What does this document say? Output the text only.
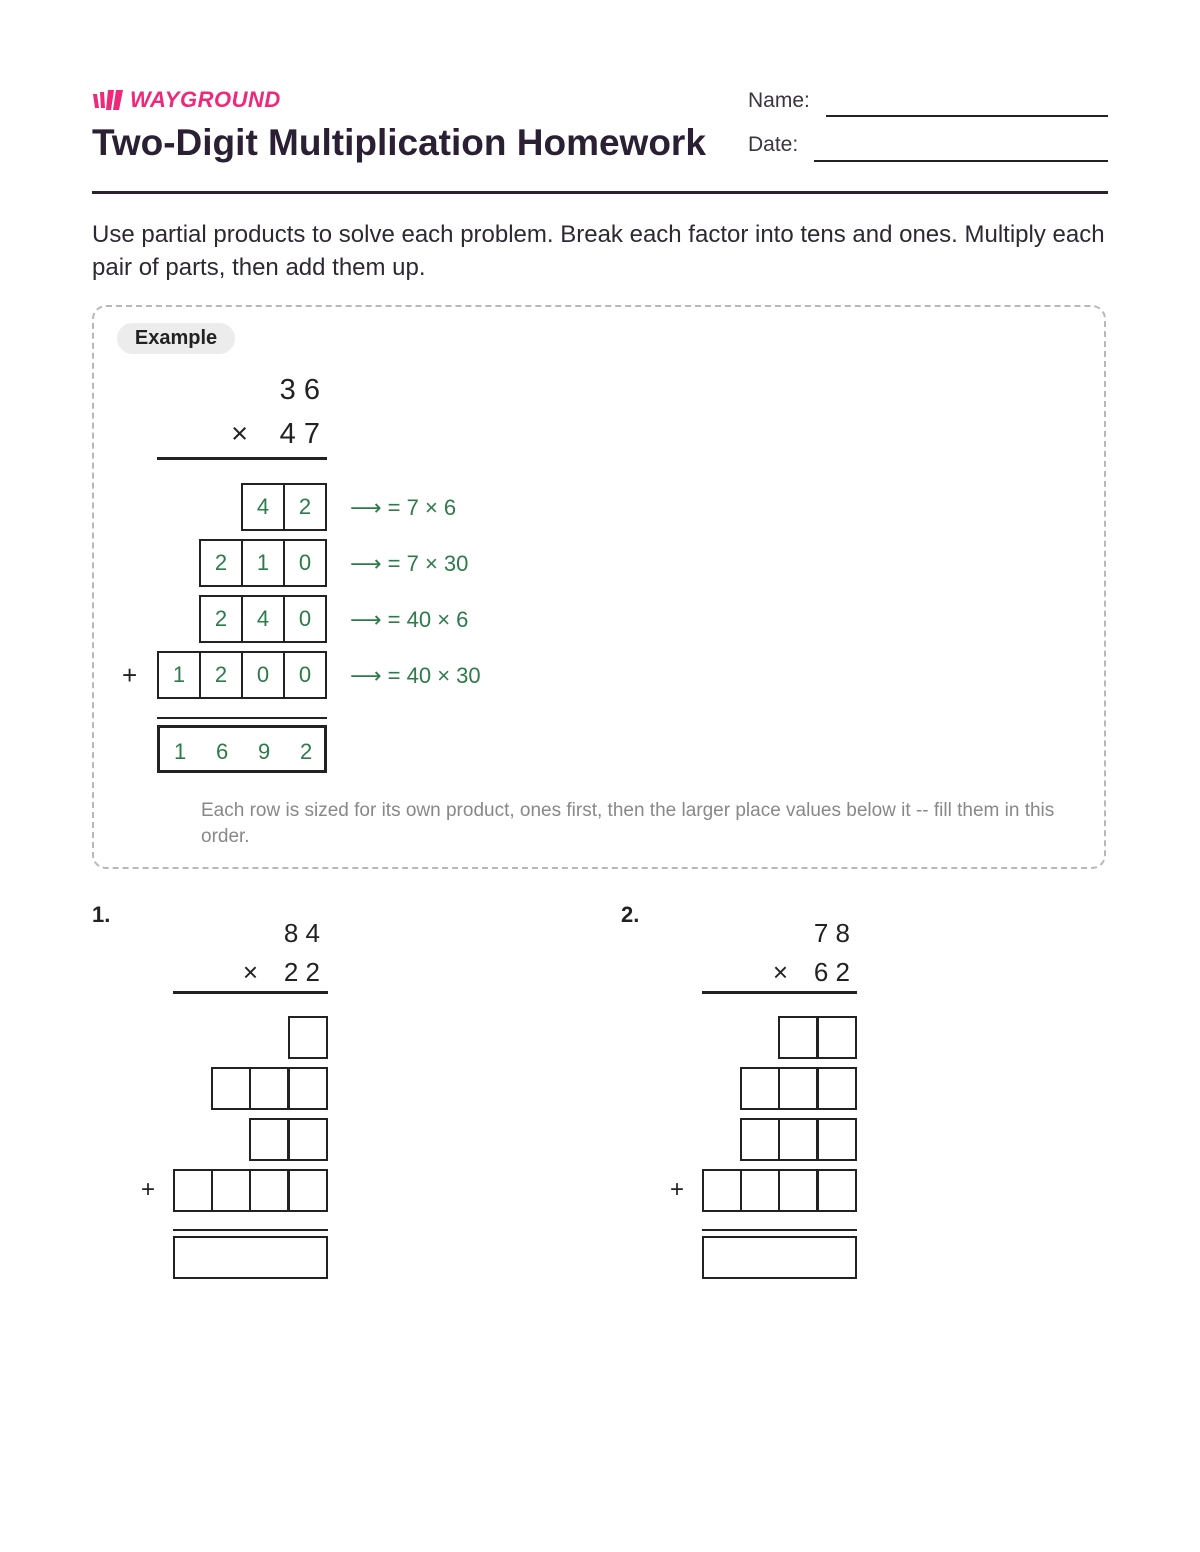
WAYGROUND
Two-Digit Multiplication Homework
Name:
Date:
Use partial products to solve each problem. Break each factor into tens and ones. Multiply each pair of parts, then add them up.
Example
3 6
×	4 7
4	2	⟶ = 7 × 6
2	1	0	⟶ = 7 × 30
2	4	0	⟶ = 40 × 6
+	1	2	0	0	⟶ = 40 × 30
1 6 9 2
Each row is sized for its own product, ones first, then the larger place values below it -- fill them in this order.
1.
8 4
× 2 2
+
2.
7 8
× 6 2
+
